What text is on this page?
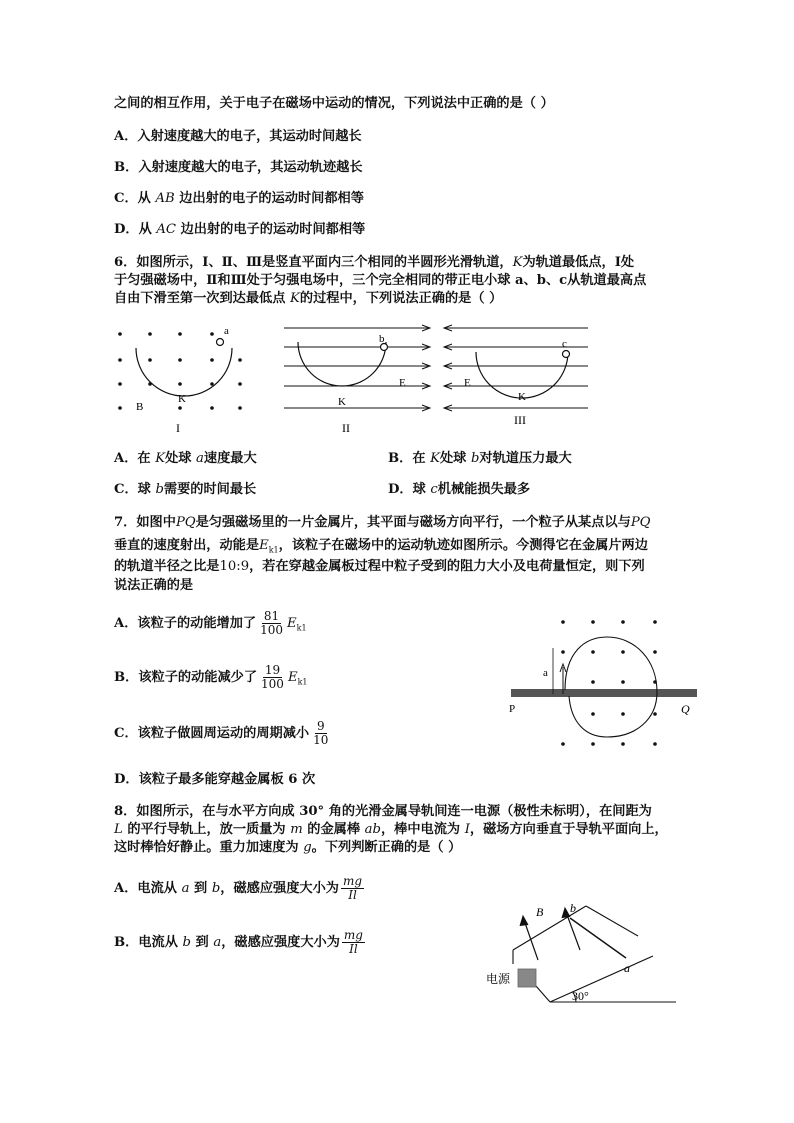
之间的相互作用，关于电子在磁场中运动的情况，下列说法中正确的是（ ）
A．入射速度越大的电子，其运动时间越长
B．入射速度越大的电子，其运动轨迹越长
C．从 AB 边出射的电子的运动时间都相等
D．从 AC 边出射的电子的运动时间都相等
6．如图所示，Ⅰ、Ⅱ、Ⅲ是竖直平面内三个相同的半圆形光滑轨道，K为轨道最低点，Ⅰ处
于匀强磁场中，Ⅱ和Ⅲ处于匀强电场中，三个完全相同的带正电小球 a、b、c从轨道最高点
自由下滑至第一次到达最低点 K的过程中，下列说法正确的是（ ）
a
K
B
I
b
E
K
II
c
E
K
III
A．在 K处球 a速度最大	B．在 K处球 b对轨道压力最大
C．球 b需要的时间最长	D．球 c机械能损失最多
7．如图中PQ是匀强磁场里的一片金属片，其平面与磁场方向平行，一个粒子从某点以与PQ
垂直的速度射出，动能是$E_{k1}$，该粒子在磁场中的运动轨迹如图所示。今测得它在金属片两边
的轨道半径之比是10:9，若在穿越金属板过程中粒子受到的阻力大小及电荷量恒定，则下列
说法正确的是
A．该粒子的动能增加了 $\frac{81}{100} E_{k1}$
B．该粒子的动能减少了 $\frac{19}{100} E_{k1}$
C．该粒子做圆周运动的周期减小 $\frac{9}{10}$
D．该粒子最多能穿越金属板 6 次
a
P	Q
8．如图所示，在与水平方向成 30° 角的光滑金属导轨间连一电源（极性未标明），在间距为
L 的平行导轨上，放一质量为 m 的金属棒 ab，棒中电流为 I，磁场方向垂直于导轨平面向上，
这时棒恰好静止。重力加速度为 g。下列判断正确的是（ ）
A．电流从 a 到 b，磁感应强度大小为 $\frac{mg}{Il}$
B．电流从 b 到 a，磁感应强度大小为 $\frac{mg}{Il}$
B b
a
电源
30°
